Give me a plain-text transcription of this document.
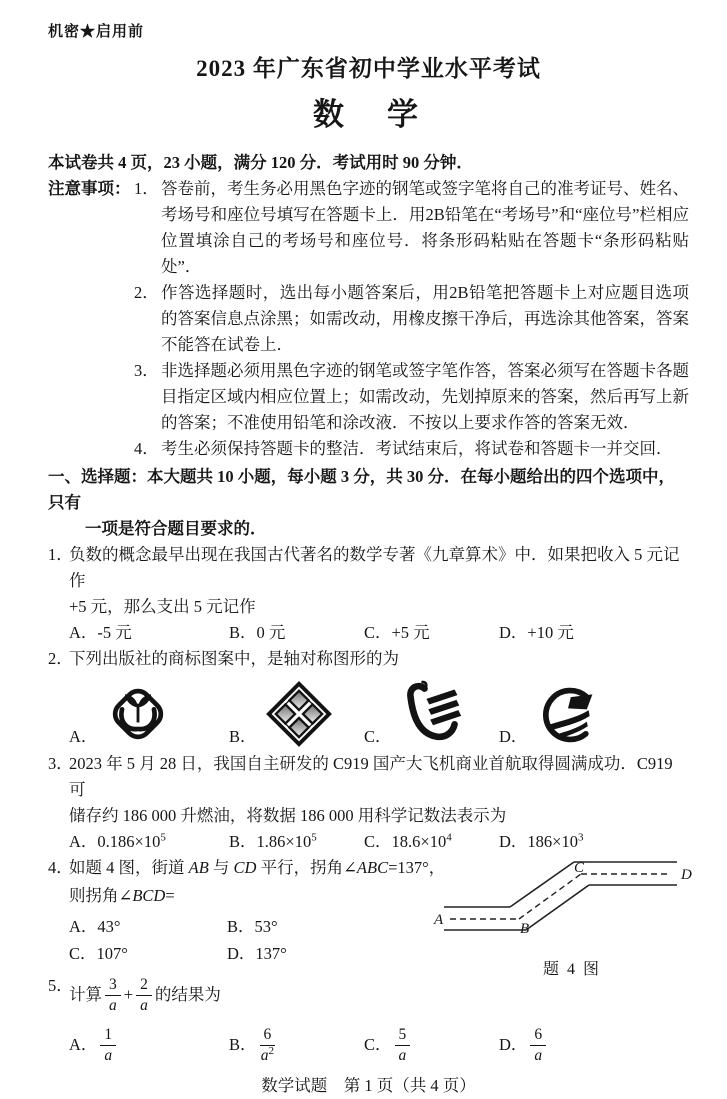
机密★启用前
2023 年广东省初中学业水平考试
数　学
本试卷共 4 页，23 小题，满分 120 分．考试用时 90 分钟．
注意事项： 1． 答卷前，考生务必用黑色字迹的钢笔或签字笔将自己的准考证号、姓名、考场号和座位号填写在答题卡上．用2B铅笔在“考场号”和“座位号”栏相应位置填涂自己的考场号和座位号．将条形码粘贴在答题卡“条形码粘贴处”．
2． 作答选择题时，选出每小题答案后，用2B铅笔把答题卡上对应题目选项的答案信息点涂黑；如需改动，用橡皮擦干净后，再选涂其他答案，答案不能答在试卷上．
3． 非选择题必须用黑色字迹的钢笔或签字笔作答，答案必须写在答题卡各题目指定区域内相应位置上；如需改动，先划掉原来的答案，然后再写上新的答案；不准使用铅笔和涂改液．不按以上要求作答的答案无效．
4． 考生必须保持答题卡的整洁．考试结束后，将试卷和答题卡一并交回．
一、选择题：本大题共 10 小题，每小题 3 分，共 30 分．在每小题给出的四个选项中，只有
一项是符合题目要求的．
1．
负数的概念最早出现在我国古代著名的数学专著《九章算术》中．如果把收入 5 元记作
+5 元，那么支出 5 元记作
A．-5 元	B．0 元	C．+5 元	D．+10 元
2．
下列出版社的商标图案中，是轴对称图形的为
A．	B．	C．	D．
3．
2023 年 5 月 28 日，我国自主研发的 C919 国产大飞机商业首航取得圆满成功．C919 可
储存约 186 000 升燃油，将数据 186 000 用科学记数法表示为
A．$0.186\times 10^5$	B．$1.86\times 10^5$	C．$18.6\times 10^4$	D．$186\times 10^3$
4．
如题 4 图，街道 AB 与 CD 平行，拐角∠ABC=137°，
则拐角∠BCD=
A．43°	B．53°
C．107°	D．137°
A
B
C	D
题 4 图
5．
计算 $\frac{3}{a} + \frac{2}{a}$ 的结果为
A． $\frac{1}{a}$	B． $\frac{6}{a^2}$	C． $\frac{5}{a}$	D． $\frac{6}{a}$
数学试题　第 1 页（共 4 页）
